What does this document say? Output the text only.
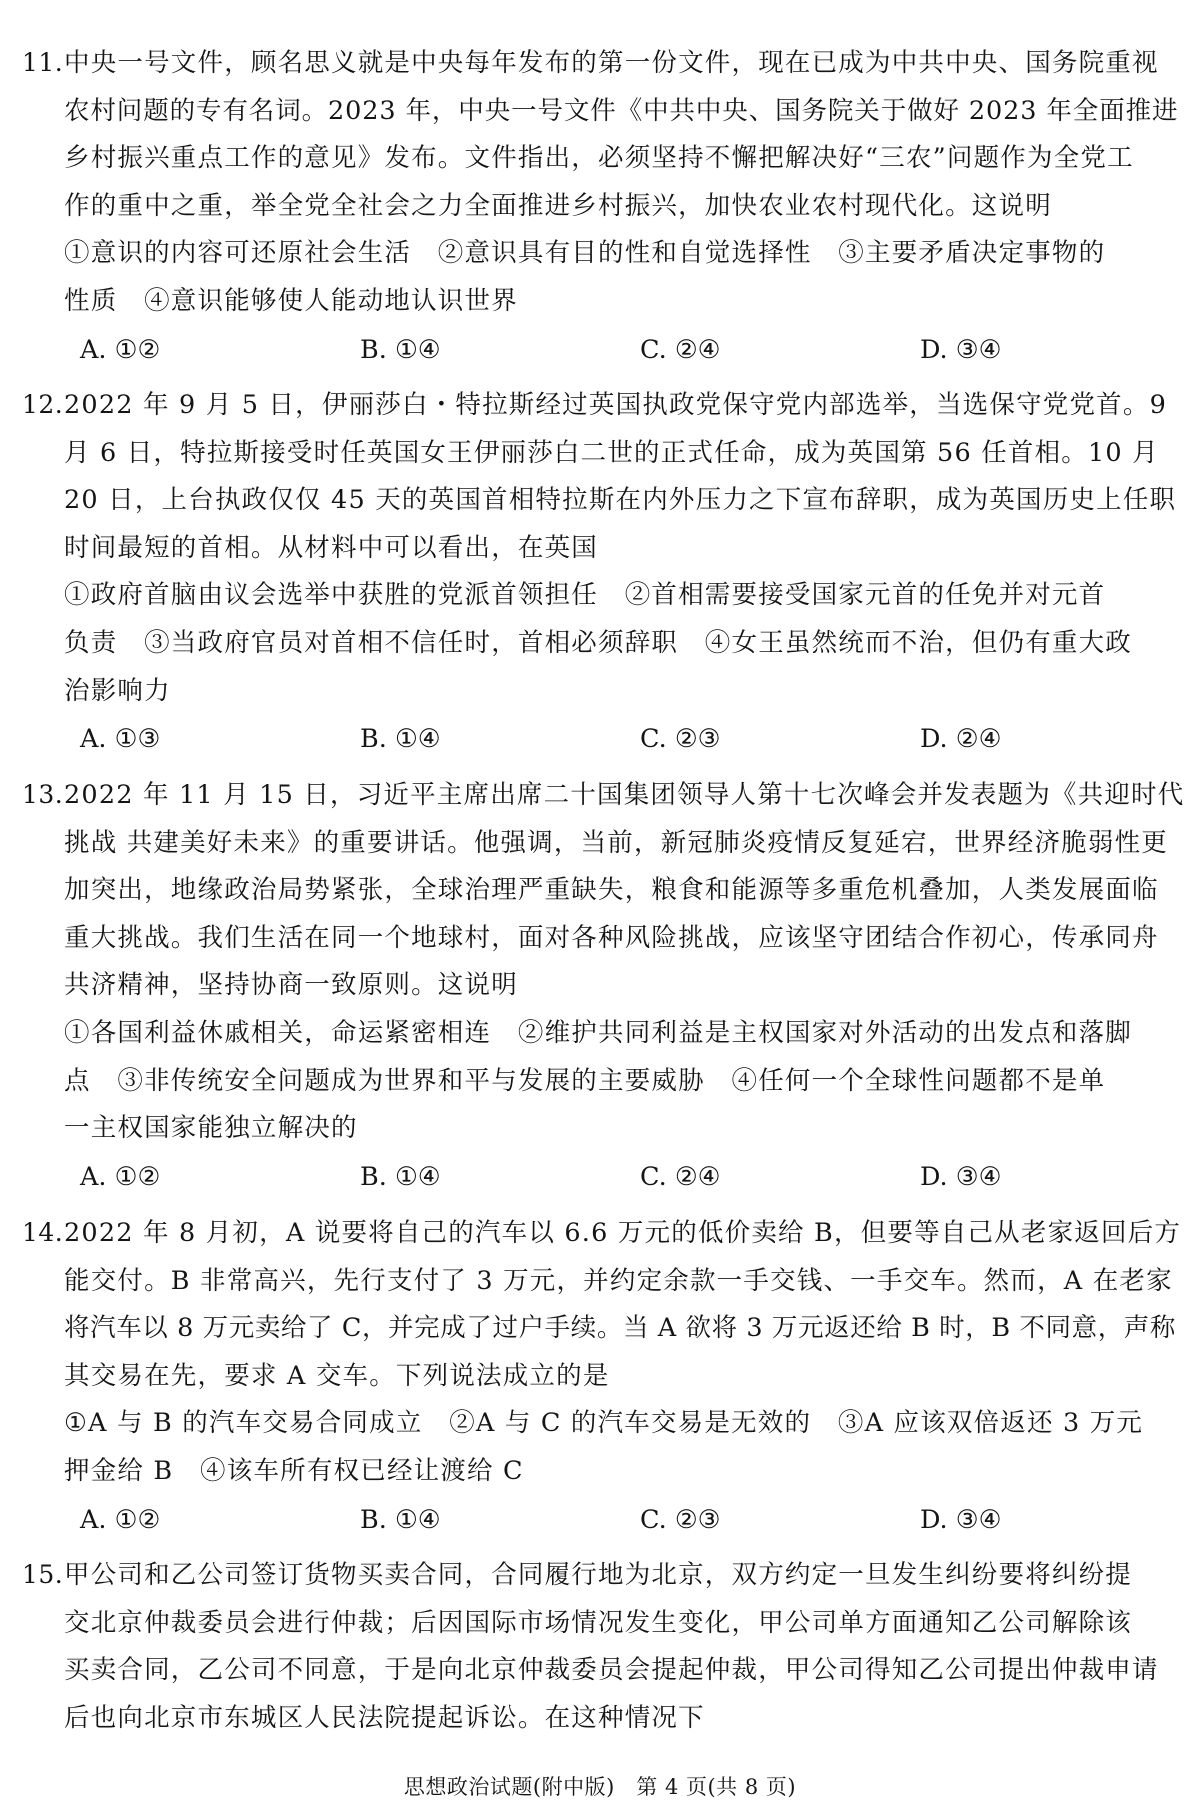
11. 中央一号文件，顾名思义就是中央每年发布的第一份文件，现在已成为中共中央、国务院重视
农村问题的专有名词。2023 年，中央一号文件《中共中央、国务院关于做好 2023 年全面推进
乡村振兴重点工作的意见》发布。文件指出，必须坚持不懈把解决好“三农”问题作为全党工
作的重中之重，举全党全社会之力全面推进乡村振兴，加快农业农村现代化。这说明
①意识的内容可还原社会生活　②意识具有目的性和自觉选择性　③主要矛盾决定事物的
性质　④意识能够使人能动地认识世界
A. ①②	B. ①④	C. ②④	D. ③④
12. 2022 年 9 月 5 日，伊丽莎白・特拉斯经过英国执政党保守党内部选举，当选保守党党首。9
月 6 日，特拉斯接受时任英国女王伊丽莎白二世的正式任命，成为英国第 56 任首相。10 月
20 日，上台执政仅仅 45 天的英国首相特拉斯在内外压力之下宣布辞职，成为英国历史上任职
时间最短的首相。从材料中可以看出，在英国
①政府首脑由议会选举中获胜的党派首领担任　②首相需要接受国家元首的任免并对元首
负责　③当政府官员对首相不信任时，首相必须辞职　④女王虽然统而不治，但仍有重大政
治影响力
A. ①③	B. ①④	C. ②③	D. ②④
13. 2022 年 11 月 15 日，习近平主席出席二十国集团领导人第十七次峰会并发表题为《共迎时代
挑战 共建美好未来》的重要讲话。他强调，当前，新冠肺炎疫情反复延宕，世界经济脆弱性更
加突出，地缘政治局势紧张，全球治理严重缺失，粮食和能源等多重危机叠加，人类发展面临
重大挑战。我们生活在同一个地球村，面对各种风险挑战，应该坚守团结合作初心，传承同舟
共济精神，坚持协商一致原则。这说明
①各国利益休戚相关，命运紧密相连　②维护共同利益是主权国家对外活动的出发点和落脚
点　③非传统安全问题成为世界和平与发展的主要威胁　④任何一个全球性问题都不是单
一主权国家能独立解决的
A. ①②	B. ①④	C. ②④	D. ③④
14. 2022 年 8 月初，A 说要将自己的汽车以 6.6 万元的低价卖给 B，但要等自己从老家返回后方
能交付。B 非常高兴，先行支付了 3 万元，并约定余款一手交钱、一手交车。然而，A 在老家
将汽车以 8 万元卖给了 C，并完成了过户手续。当 A 欲将 3 万元返还给 B 时，B 不同意，声称
其交易在先，要求 A 交车。下列说法成立的是
①A 与 B 的汽车交易合同成立　②A 与 C 的汽车交易是无效的　③A 应该双倍返还 3 万元
押金给 B　④该车所有权已经让渡给 C
A. ①②	B. ①④	C. ②③	D. ③④
15. 甲公司和乙公司签订货物买卖合同，合同履行地为北京，双方约定一旦发生纠纷要将纠纷提
交北京仲裁委员会进行仲裁；后因国际市场情况发生变化，甲公司单方面通知乙公司解除该
买卖合同，乙公司不同意，于是向北京仲裁委员会提起仲裁，甲公司得知乙公司提出仲裁申请
后也向北京市东城区人民法院提起诉讼。在这种情况下
思想政治试题(附中版)　第 4 页(共 8 页)
